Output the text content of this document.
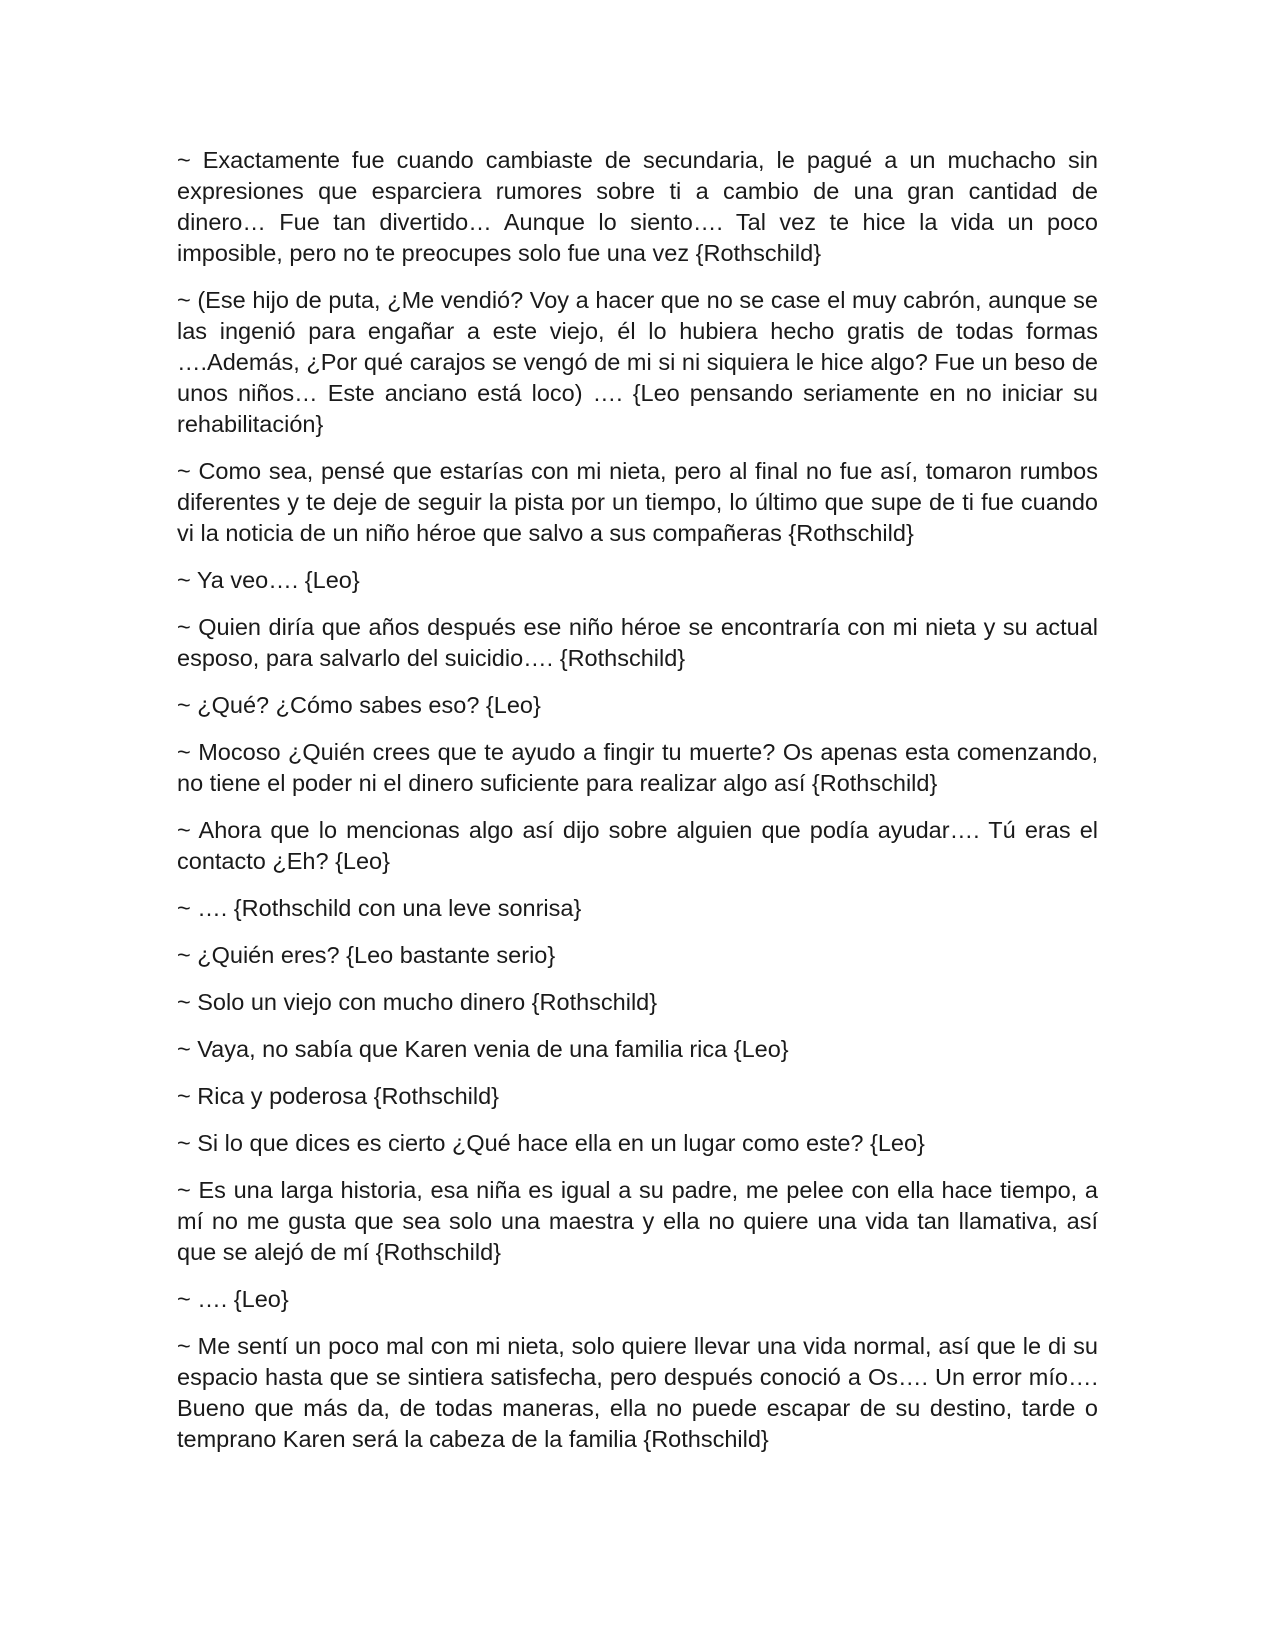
~ Exactamente fue cuando cambiaste de secundaria, le pagué a un muchacho sin expresiones que esparciera rumores sobre ti a cambio de una gran cantidad de dinero… Fue tan divertido… Aunque lo siento…. Tal vez te hice la vida un poco imposible, pero no te preocupes solo fue una vez {Rothschild}

~ (Ese hijo de puta, ¿Me vendió? Voy a hacer que no se case el muy cabrón, aunque se las ingenió para engañar a este viejo, él lo hubiera hecho gratis de todas formas ….Además, ¿Por qué carajos se vengó de mi si ni siquiera le hice algo? Fue un beso de unos niños… Este anciano está loco) …. {Leo pensando seriamente en no iniciar su rehabilitación}

~ Como sea, pensé que estarías con mi nieta, pero al final no fue así, tomaron rumbos diferentes y te deje de seguir la pista por un tiempo, lo último que supe de ti fue cuando vi la noticia de un niño héroe que salvo a sus compañeras {Rothschild}

~ Ya veo…. {Leo}

~ Quien diría que años después ese niño héroe se encontraría con mi nieta y su actual esposo, para salvarlo del suicidio…. {Rothschild}

~ ¿Qué? ¿Cómo sabes eso? {Leo}

~ Mocoso ¿Quién crees que te ayudo a fingir tu muerte? Os apenas esta comenzando, no tiene el poder ni el dinero suficiente para realizar algo así {Rothschild}

~ Ahora que lo mencionas algo así dijo sobre alguien que podía ayudar…. Tú eras el contacto ¿Eh? {Leo}

~ …. {Rothschild con una leve sonrisa}

~ ¿Quién eres? {Leo bastante serio}

~ Solo un viejo con mucho dinero {Rothschild}

~ Vaya, no sabía que Karen venia de una familia rica {Leo}

~ Rica y poderosa {Rothschild}

~ Si lo que dices es cierto ¿Qué hace ella en un lugar como este? {Leo}

~ Es una larga historia, esa niña es igual a su padre, me pelee con ella hace tiempo, a mí no me gusta que sea solo una maestra y ella no quiere una vida tan llamativa, así que se alejó de mí {Rothschild}

~ …. {Leo}

~ Me sentí un poco mal con mi nieta, solo quiere llevar una vida normal, así que le di su espacio hasta que se sintiera satisfecha, pero después conoció a Os…. Un error mío…. Bueno que más da, de todas maneras, ella no puede escapar de su destino, tarde o temprano Karen será la cabeza de la familia {Rothschild}
